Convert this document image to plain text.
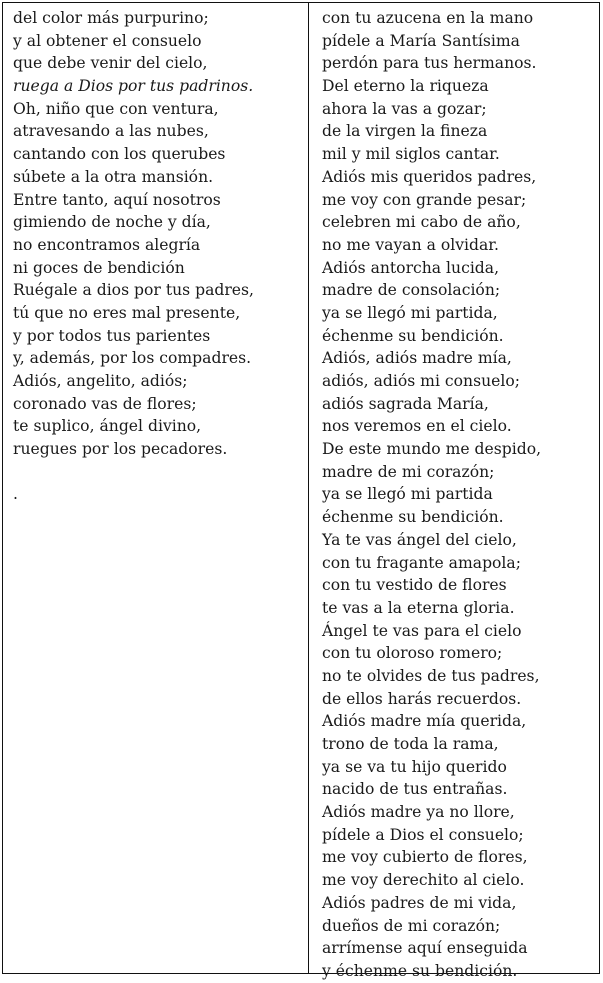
del color más purpurino;
y al obtener el consuelo
que debe venir del cielo,
ruega a Dios por tus padrinos.
Oh, niño que con ventura,
atravesando a las nubes,
cantando con los querubes
súbete a la otra mansión.
Entre tanto, aquí nosotros
gimiendo de noche y día,
no encontramos alegría
ni goces de bendición
Ruégale a dios por tus padres,
tú que no eres mal presente,
y por todos tus parientes
y, además, por los compadres.
Adiós, angelito, adiós;
coronado vas de flores;
te suplico, ángel divino,
ruegues por los pecadores.
.
con tu azucena en la mano
pídele a María Santísima
perdón para tus hermanos.
Del eterno la riqueza
ahora la vas a gozar;
de la virgen la fineza
mil y mil siglos cantar.
Adiós mis queridos padres,
me voy con grande pesar;
celebren mi cabo de año,
no me vayan a olvidar.
Adiós antorcha lucida,
madre de consolación;
ya se llegó mi partida,
échenme su bendición.
Adiós, adiós madre mía,
adiós, adiós mi consuelo;
adiós sagrada María,
nos veremos en el cielo.
De este mundo me despido,
madre de mi corazón;
ya se llegó mi partida
échenme su bendición.
Ya te vas ángel del cielo,
con tu fragante amapola;
con tu vestido de flores
te vas a la eterna gloria.
Ángel te vas para el cielo
con tu oloroso romero;
no te olvides de tus padres,
de ellos harás recuerdos.
Adiós madre mía querida,
trono de toda la rama,
ya se va tu hijo querido
nacido de tus entrañas.
Adiós madre ya no llore,
pídele a Dios el consuelo;
me voy cubierto de flores,
me voy derechito al cielo.
Adiós padres de mi vida,
dueños de mi corazón;
arrímense aquí enseguida
y échenme su bendición.
